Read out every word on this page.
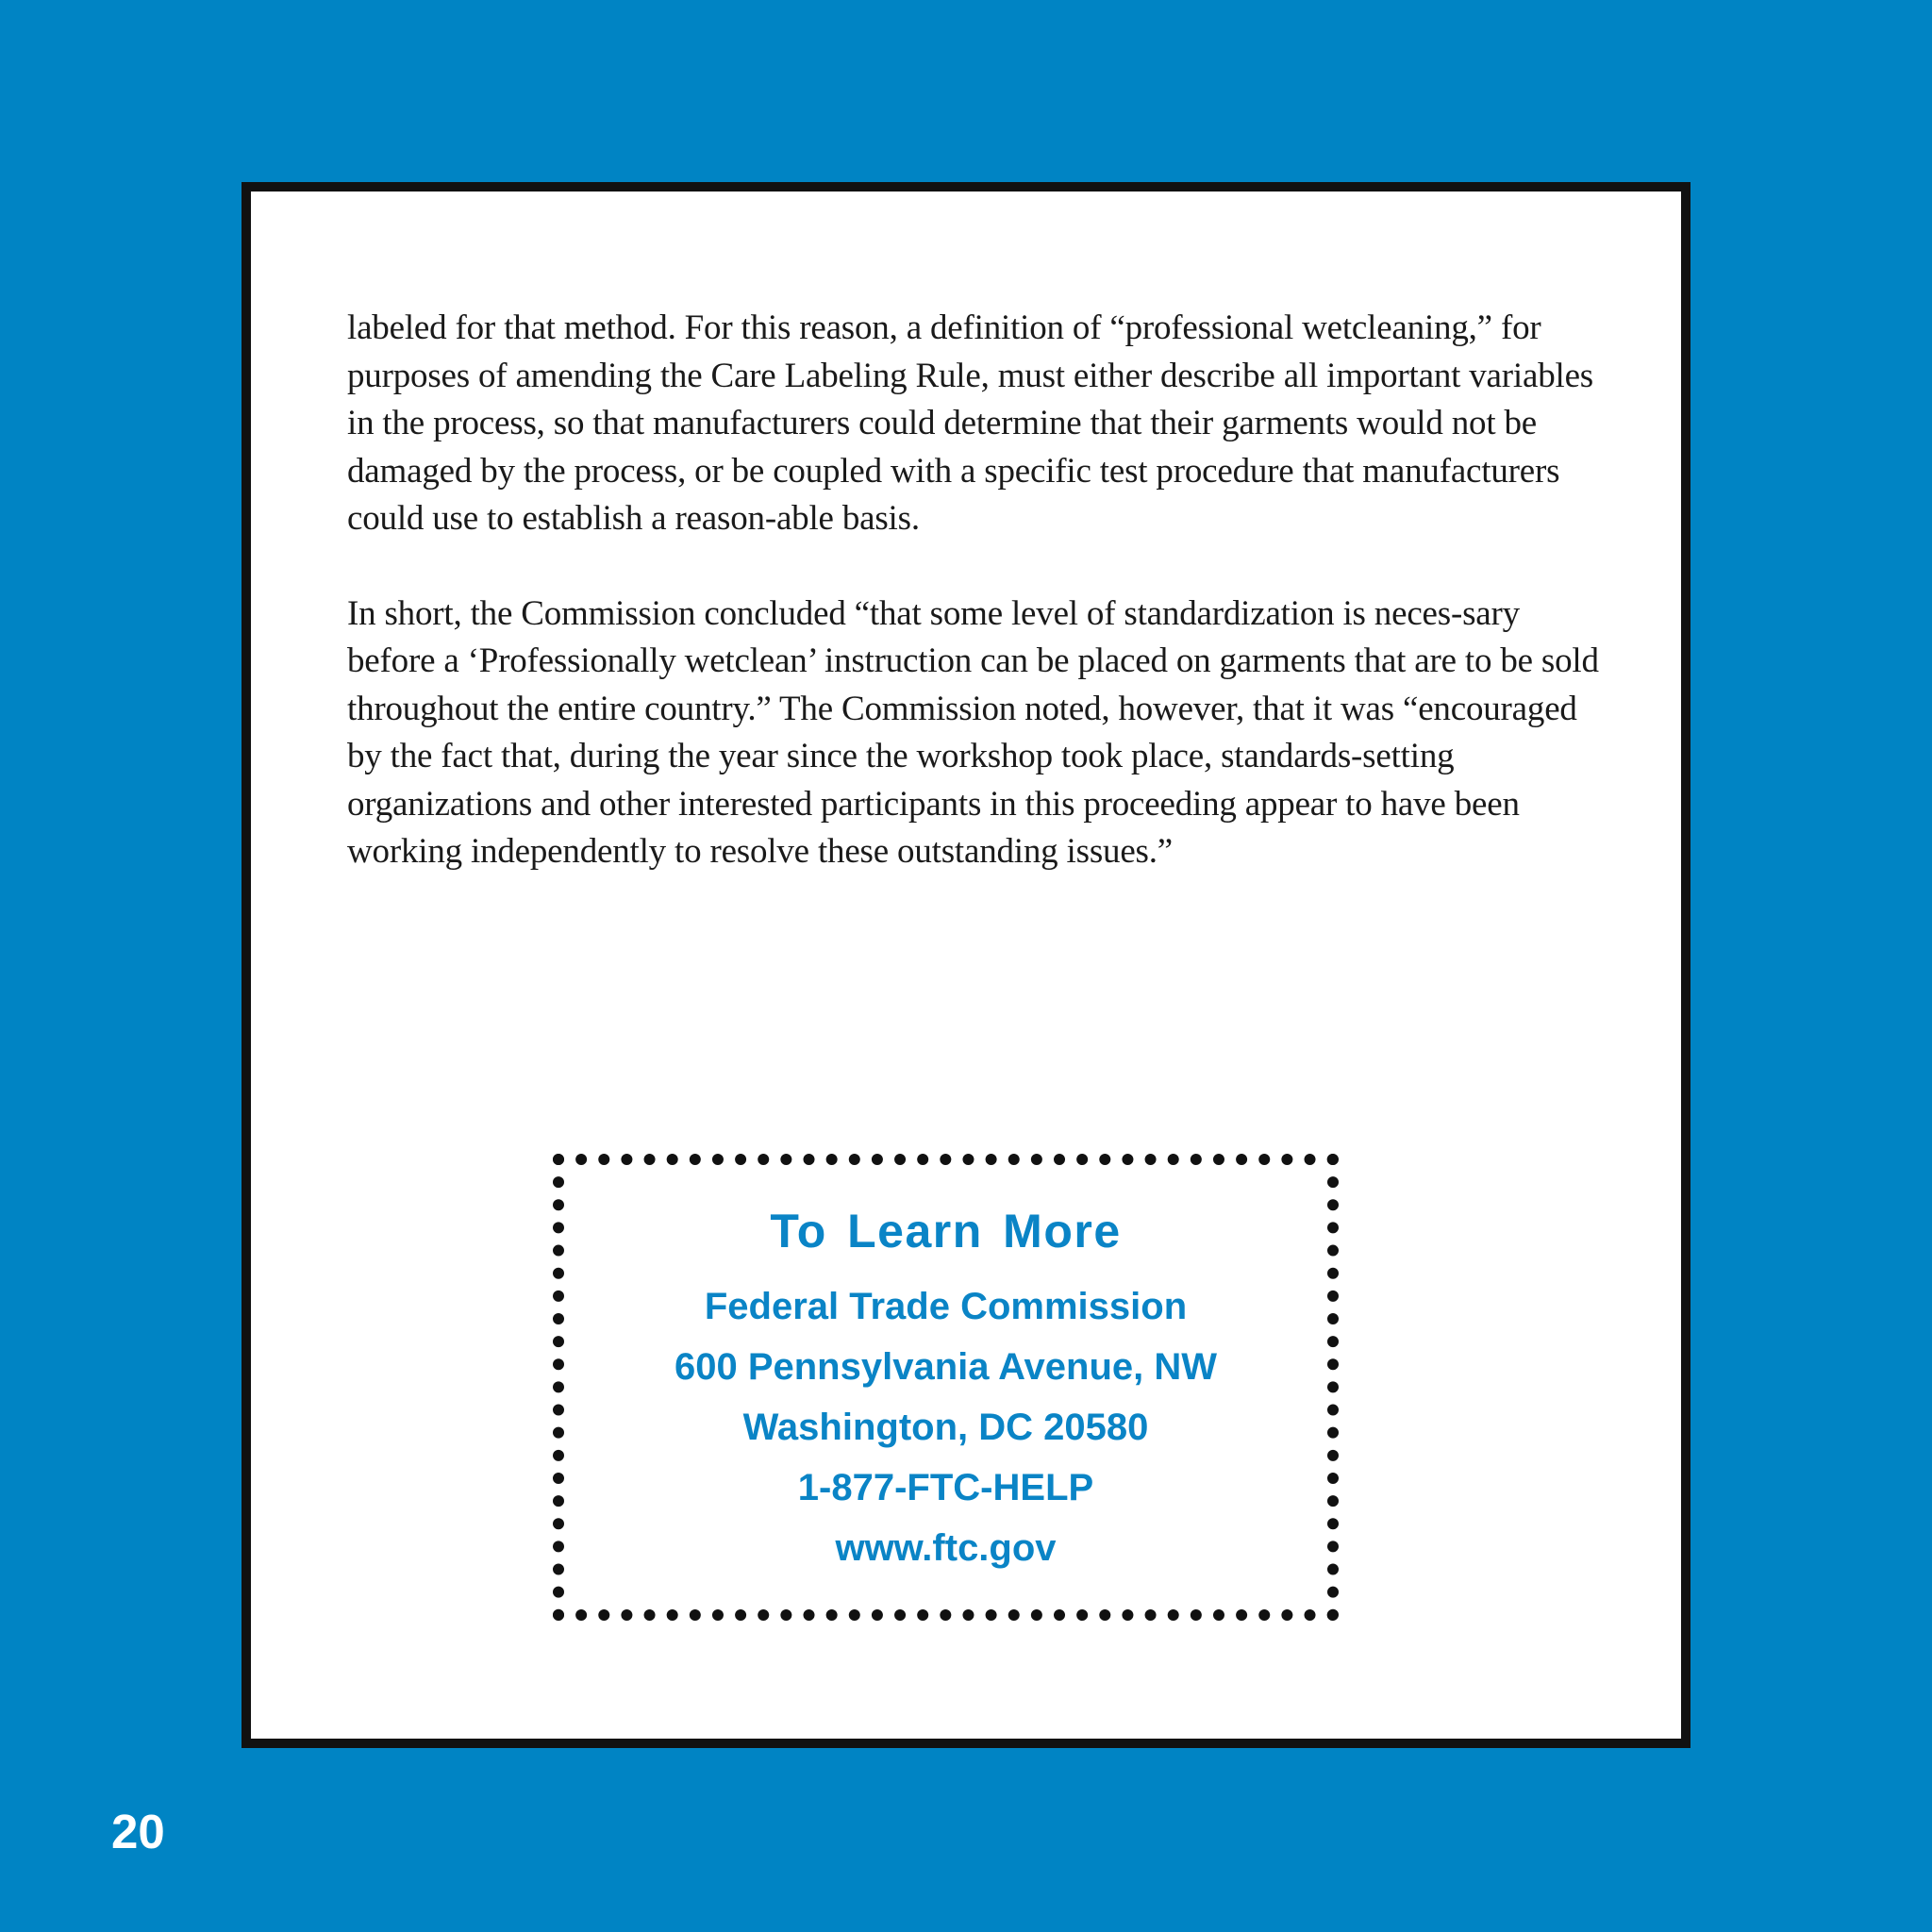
labeled for that method. For this reason, a definition of “professional wetcleaning,” for purposes of amending the Care Labeling Rule, must either describe all important variables in the process, so that manufacturers could determine that their garments would not be damaged by the process, or be coupled with a specific test procedure that manufacturers could use to establish a reason-able basis.

In short, the Commission concluded “that some level of standardization is neces-sary before a ‘Professionally wetclean’ instruction can be placed on garments that are to be sold throughout the entire country.” The Commission noted, however, that it was “encouraged by the fact that, during the year since the workshop took place, standards-setting organizations and other interested participants in this proceeding appear to have been working independently to resolve these outstanding issues.”

To Learn More
Federal Trade Commission
600 Pennsylvania Avenue, NW
Washington, DC 20580
1-877-FTC-HELP
www.ftc.gov
20
